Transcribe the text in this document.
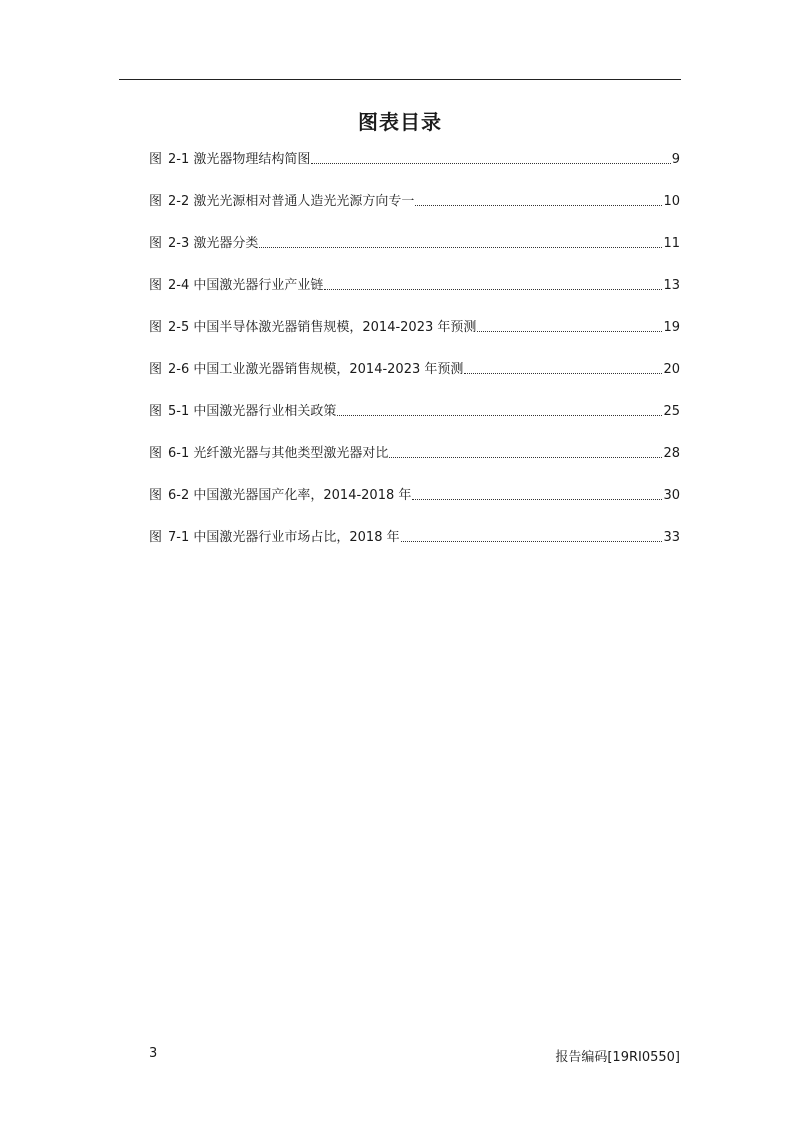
图表目录
图 2-1 激光器物理结构简图	9
图 2-2 激光光源相对普通人造光光源方向专一	10
图 2-3 激光器分类	11
图 2-4 中国激光器行业产业链	13
图 2-5 中国半导体激光器销售规模，2014-2023 年预测	19
图 2-6 中国工业激光器销售规模，2014-2023 年预测	20
图 5-1 中国激光器行业相关政策	25
图 6-1 光纤激光器与其他类型激光器对比	28
图 6-2 中国激光器国产化率，2014-2018 年	30
图 7-1 中国激光器行业市场占比，2018 年	33
3	报告编码[19RI0550]
